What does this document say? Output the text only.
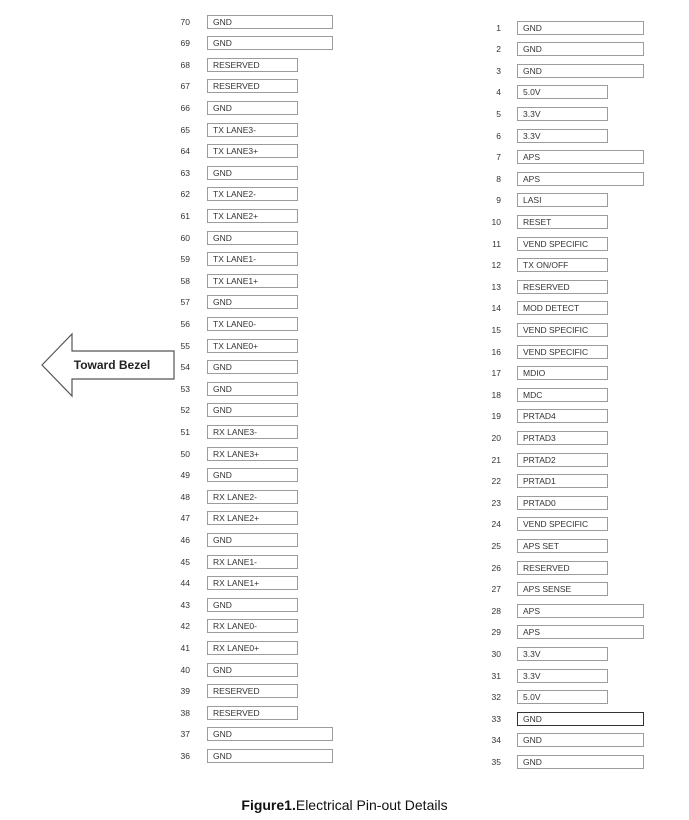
70	GND
69	GND
68	RESERVED
67	RESERVED
66	GND
65	TX LANE3-
64	TX LANE3+
63	GND
62	TX LANE2-
61	TX LANE2+
60	GND
59	TX LANE1-
58	TX LANE1+
57	GND
56	TX LANE0-
55	TX LANE0+
54	GND
53	GND
52	GND
51	RX LANE3-
50	RX LANE3+
49	GND
48	RX LANE2-
47	RX LANE2+
46	GND
45	RX LANE1-
44	RX LANE1+
43	GND
42	RX LANE0-
41	RX LANE0+
40	GND
39	RESERVED
38	RESERVED
37	GND
36	GND
1	GND
2	GND
3	GND
4	5.0V
5	3.3V
6	3.3V
7	APS
8	APS
9	LASI
10	RESET
11	VEND SPECIFIC
12	TX ON/OFF
13	RESERVED
14	MOD DETECT
15	VEND SPECIFIC
16	VEND SPECIFIC
17	MDIO
18	MDC
19	PRTAD4
20	PRTAD3
21	PRTAD2
22	PRTAD1
23	PRTAD0
24	VEND SPECIFIC
25	APS SET
26	RESERVED
27	APS SENSE
28	APS
29	APS
30	3.3V
31	3.3V
32	5.0V
33	GND
34	GND
35	GND
Toward Bezel
Figure1.Electrical Pin-out Details
